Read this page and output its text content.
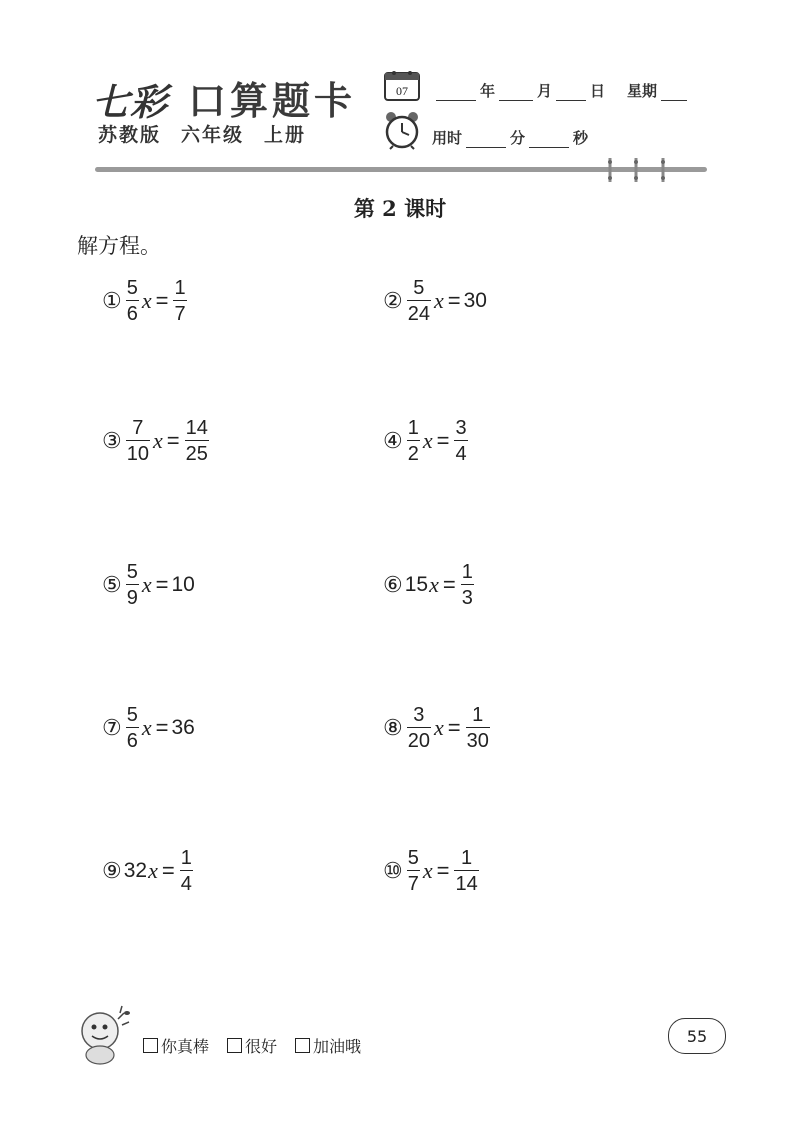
七彩 口算题卡
苏教版 六年级 上册
07	年	月	日 星期
用时	分	秒
第 2 课时
解方程。
① $\frac{5}{6}$ $x = \frac{1}{7}$	② $\frac{5}{24}$ x = 30
③ $\frac{7}{10}$ $x = \frac{14}{25}$	④ $\frac{1}{2}$ $x = \frac{3}{4}$
⑤ $\frac{5}{9}$ x = 10	⑥ 15 $x = \frac{1}{3}$
⑦ $\frac{5}{6}$ x = 36	⑧ $\frac{3}{20}$ $x = \frac{1}{30}$
⑨ 32 $x = \frac{1}{4}$	⑩ $\frac{5}{7}$ $x = \frac{1}{14}$
你真棒 很好 加油哦
55
